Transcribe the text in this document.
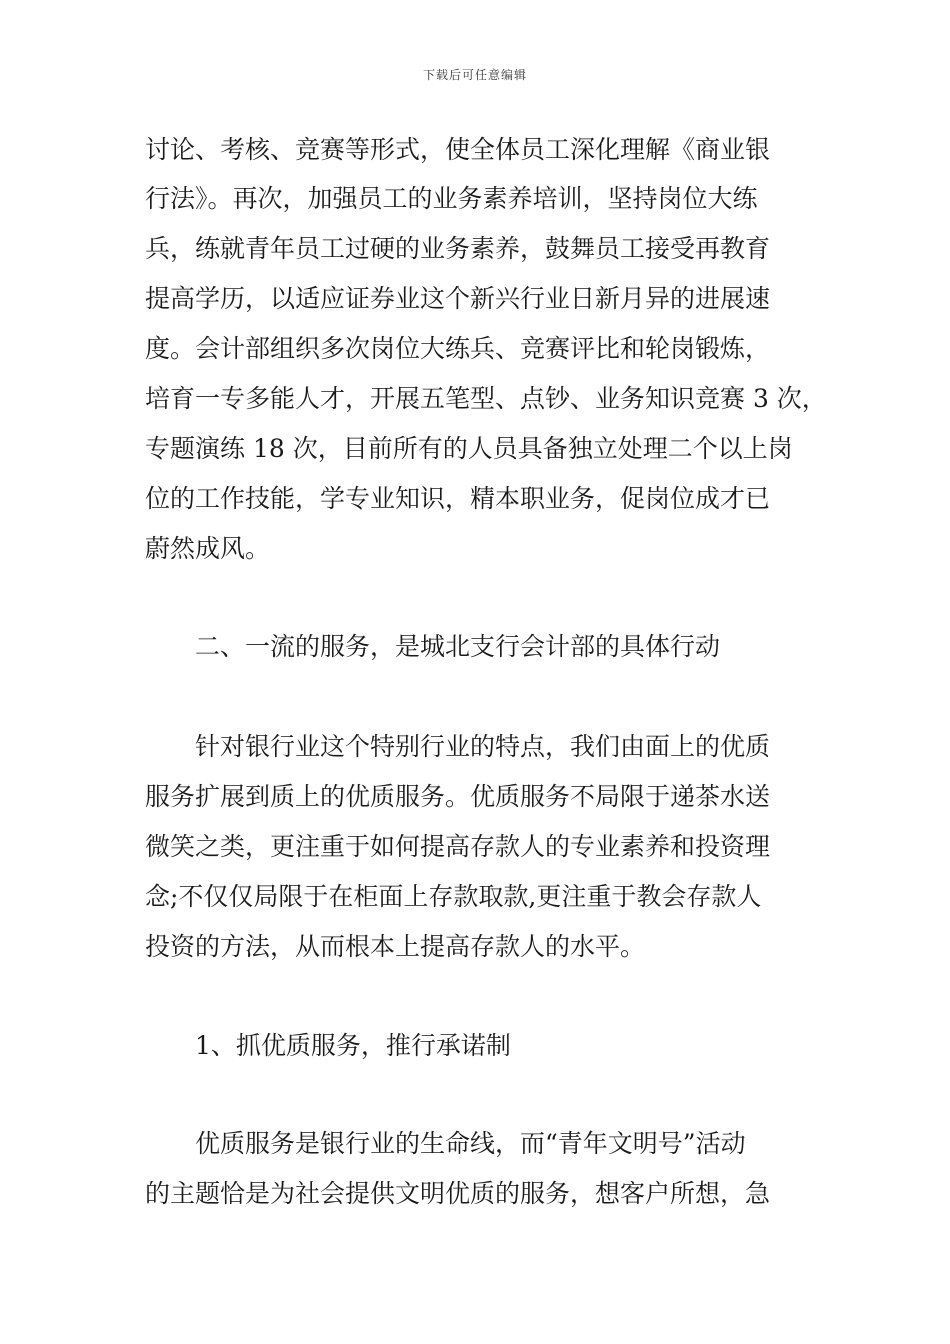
下载后可任意编辑
讨论、考核、竞赛等形式，使全体员工深化理解《商业银
行法》。再次，加强员工的业务素养培训，坚持岗位大练
兵，练就青年员工过硬的业务素养，鼓舞员工接受再教育
提高学历，以适应证券业这个新兴行业日新月异的进展速
度。会计部组织多次岗位大练兵、竞赛评比和轮岗锻炼，
培育一专多能人才，开展五笔型、点钞、业务知识竞赛 3 次，
专题演练 18 次，目前所有的人员具备独立处理二个以上岗
位的工作技能，学专业知识，精本职业务，促岗位成才已
蔚然成风。
二、一流的服务，是城北支行会计部的具体行动
针对银行业这个特别行业的特点，我们由面上的优质
服务扩展到质上的优质服务。优质服务不局限于递茶水送
微笑之类，更注重于如何提高存款人的专业素养和投资理
念;不仅仅局限于在柜面上存款取款,更注重于教会存款人
投资的方法，从而根本上提高存款人的水平。
1、抓优质服务，推行承诺制
优质服务是银行业的生命线，而“青年文明号”活动
的主题恰是为社会提供文明优质的服务，想客户所想，急
